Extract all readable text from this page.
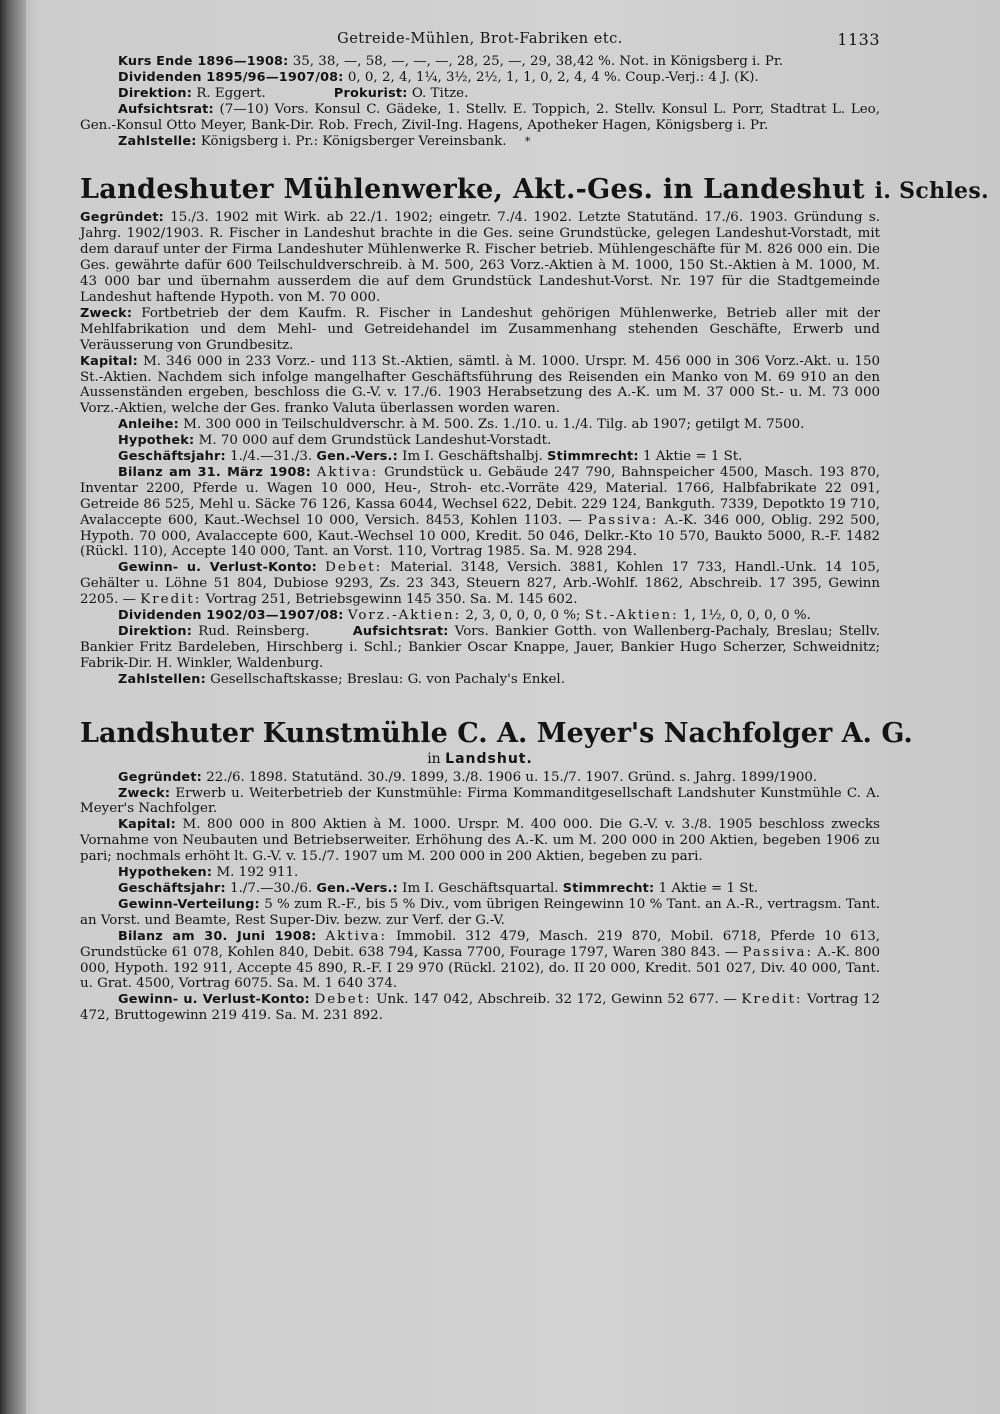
Getreide-Mühlen, Brot-Fabriken etc.	1133

Kurs Ende 1896—1908: 35, 38, —, 58, —, —, —, 28, 25, —, 29, 38,42 %. Not. in Königsberg i. Pr.

Dividenden 1895/96—1907/08: 0, 0, 2, 4, 1¼, 3½, 2½, 1, 1, 0, 2, 4, 4 %. Coup.-Verj.: 4 J. (K).

Direktion: R. Eggert.	Prokurist: O. Titze.

Aufsichtsrat: (7—10) Vors. Konsul C. Gädeke, 1. Stellv. E. Toppich, 2. Stellv. Konsul L. Porr, Stadtrat L. Leo, Gen.-Konsul Otto Meyer, Bank-Dir. Rob. Frech, Zivil-Ing. Hagens, Apotheker Hagen, Königsberg i. Pr.

Zahlstelle: Königsberg i. Pr.: Königsberger Vereinsbank. *

Landeshuter Mühlenwerke, Akt.-Ges. in Landeshut i. Schles.

Gegründet: 15./3. 1902 mit Wirk. ab 22./1. 1902; eingetr. 7./4. 1902. Letzte Statutänd. 17./6. 1903. Gründung s. Jahrg. 1902/1903. R. Fischer in Landeshut brachte in die Ges. seine Grundstücke, gelegen Landeshut-Vorstadt, mit dem darauf unter der Firma Landeshuter Mühlenwerke R. Fischer betrieb. Mühlengeschäfte für M. 826 000 ein. Die Ges. gewährte dafür 600 Teilschuldverschreib. à M. 500, 263 Vorz.-Aktien à M. 1000, 150 St.-Aktien à M. 1000, M. 43 000 bar und übernahm ausserdem die auf dem Grundstück Landeshut-Vorst. Nr. 197 für die Stadtgemeinde Landeshut haftende Hypoth. von M. 70 000.

Zweck: Fortbetrieb der dem Kaufm. R. Fischer in Landeshut gehörigen Mühlenwerke, Betrieb aller mit der Mehlfabrikation und dem Mehl- und Getreidehandel im Zusammenhang stehenden Geschäfte, Erwerb und Veräusserung von Grundbesitz.

Kapital: M. 346 000 in 233 Vorz.- und 113 St.-Aktien, sämtl. à M. 1000. Urspr. M. 456 000 in 306 Vorz.-Akt. u. 150 St.-Aktien. Nachdem sich infolge mangelhafter Geschäftsführung des Reisenden ein Manko von M. 69 910 an den Aussenständen ergeben, beschloss die G.-V. v. 17./6. 1903 Herabsetzung des A.-K. um M. 37 000 St.- u. M. 73 000 Vorz.-Aktien, welche der Ges. franko Valuta überlassen worden waren.

Anleihe: M. 300 000 in Teilschuldverschr. à M. 500. Zs. 1./10. u. 1./4. Tilg. ab 1907; getilgt M. 7500.

Hypothek: M. 70 000 auf dem Grundstück Landeshut-Vorstadt.

Geschäftsjahr: 1./4.—31./3. Gen.-Vers.: Im I. Geschäftshalbj. Stimmrecht: 1 Aktie = 1 St.

Bilanz am 31. März 1908: Aktiva: Grundstück u. Gebäude 247 790, Bahnspeicher 4500, Masch. 193 870, Inventar 2200, Pferde u. Wagen 10 000, Heu-, Stroh- etc.-Vorräte 429, Material. 1766, Halbfabrikate 22 091, Getreide 86 525, Mehl u. Säcke 76 126, Kassa 6044, Wechsel 622, Debit. 229 124, Bankguth. 7339, Depotkto 19 710, Avalaccepte 600, Kaut.-Wechsel 10 000, Versich. 8453, Kohlen 1103. — Passiva: A.-K. 346 000, Oblig. 292 500, Hypoth. 70 000, Avalaccepte 600, Kaut.-Wechsel 10 000, Kredit. 50 046, Delkr.-Kto 10 570, Baukto 5000, R.-F. 1482 (Rückl. 110), Accepte 140 000, Tant. an Vorst. 110, Vortrag 1985. Sa. M. 928 294.

Gewinn- u. Verlust-Konto: Debet: Material. 3148, Versich. 3881, Kohlen 17 733, Handl.-Unk. 14 105, Gehälter u. Löhne 51 804, Dubiose 9293, Zs. 23 343, Steuern 827, Arb.-Wohlf. 1862, Abschreib. 17 395, Gewinn 2205. — Kredit: Vortrag 251, Betriebsgewinn 145 350. Sa. M. 145 602.

Dividenden 1902/03—1907/08: Vorz.-Aktien: 2, 3, 0, 0, 0, 0 %; St.-Aktien: 1, 1½, 0, 0, 0, 0 %.

Direktion: Rud. Reinsberg.	Aufsichtsrat: Vors. Bankier Gotth. von Wallenberg-Pachaly, Breslau; Stellv. Bankier Fritz Bardeleben, Hirschberg i. Schl.; Bankier Oscar Knappe, Jauer, Bankier Hugo Scherzer, Schweidnitz; Fabrik-Dir. H. Winkler, Waldenburg.

Zahlstellen: Gesellschaftskasse; Breslau: G. von Pachaly's Enkel.

Landshuter Kunstmühle C. A. Meyer's Nachfolger A. G.
in Landshut.

Gegründet: 22./6. 1898. Statutänd. 30./9. 1899, 3./8. 1906 u. 15./7. 1907. Gründ. s. Jahrg. 1899/1900.

Zweck: Erwerb u. Weiterbetrieb der Kunstmühle: Firma Kommanditgesellschaft Landshuter Kunstmühle C. A. Meyer's Nachfolger.

Kapital: M. 800 000 in 800 Aktien à M. 1000. Urspr. M. 400 000. Die G.-V. v. 3./8. 1905 beschloss zwecks Vornahme von Neubauten und Betriebserweiter. Erhöhung des A.-K. um M. 200 000 in 200 Aktien, begeben 1906 zu pari; nochmals erhöht lt. G.-V. v. 15./7. 1907 um M. 200 000 in 200 Aktien, begeben zu pari.

Hypotheken: M. 192 911.

Geschäftsjahr: 1./7.—30./6. Gen.-Vers.: Im I. Geschäftsquartal. Stimmrecht: 1 Aktie = 1 St.

Gewinn-Verteilung: 5 % zum R.-F., bis 5 % Div., vom übrigen Reingewinn 10 % Tant. an A.-R., vertragsm. Tant. an Vorst. und Beamte, Rest Super-Div. bezw. zur Verf. der G.-V.

Bilanz am 30. Juni 1908: Aktiva: Immobil. 312 479, Masch. 219 870, Mobil. 6718, Pferde 10 613, Grundstücke 61 078, Kohlen 840, Debit. 638 794, Kassa 7700, Fourage 1797, Waren 380 843. — Passiva: A.-K. 800 000, Hypoth. 192 911, Accepte 45 890, R.-F. I 29 970 (Rückl. 2102), do. II 20 000, Kredit. 501 027, Div. 40 000, Tant. u. Grat. 4500, Vortrag 6075. Sa. M. 1 640 374.

Gewinn- u. Verlust-Konto: Debet: Unk. 147 042, Abschreib. 32 172, Gewinn 52 677. — Kredit: Vortrag 12 472, Bruttogewinn 219 419. Sa. M. 231 892.
